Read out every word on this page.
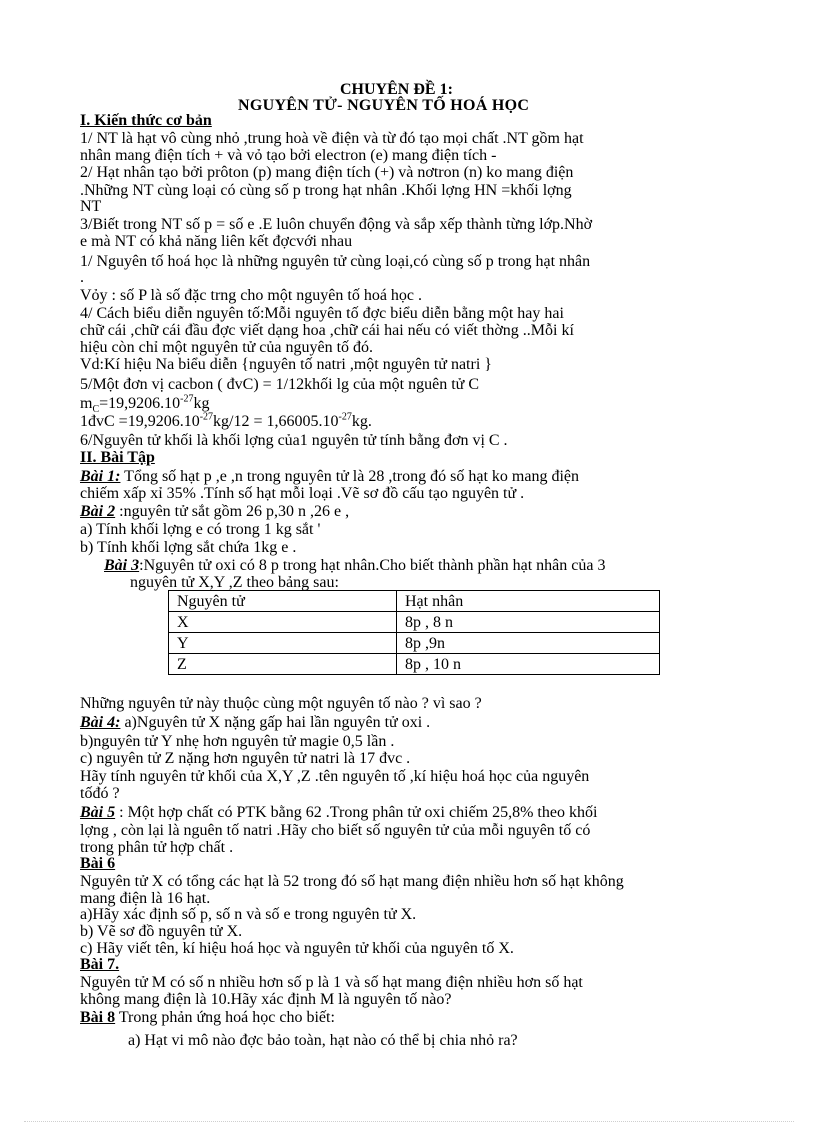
CHUYÊN ĐỀ 1:
NGUYÊN TỬ- NGUYÊN TỐ HOÁ HỌC
I. Kiến thức cơ bản
1/ NT là hạt vô cùng nhỏ ,trung hoà về điện và từ đó tạo mọi chất .NT gồm hạt
nhân mang điện tích + và vỏ tạo bởi electron (e) mang điện tích -
2/ Hạt nhân tạo bởi prôton (p) mang điện tích (+) và nơtron (n) ko mang điện
.Những NT cùng loại có cùng số p trong hạt nhân .Khối lợng HN =khối lợng
NT
3/Biết trong NT số p = số e .E luôn chuyển động và sắp xếp thành từng lớp.Nhờ
e mà NT có khả năng liên kết đợcvới nhau
1/ Nguyên tố hoá học là những nguyên tử cùng loại,có cùng số p trong hạt nhân
.
Vỏy : số P là số đặc trng cho một nguyên tố hoá học .
4/ Cách biểu diễn nguyên tố:Mỗi nguyên tố đợc biểu diễn bằng một hay hai
chữ cái ,chữ cái đầu đợc viết dạng hoa ,chữ cái hai nếu có viết thờng ..Mỗi kí
hiệu còn chỉ một nguyên tử của nguyên tố đó.
Vd:Kí hiệu Na biểu diễn {nguyên tố natri ,một nguyên tử natri }
5/Một đơn vị cacbon ( đvC) = 1/12khối lg của một nguên tử C
$m_C=19,9206.10^{-27}kg$
1đvC $=19,9206.10^{-27}kg/12 = 1,66005.10^{-27}kg$.
6/Nguyên tử khối là khối lợng của1 nguyên tử tính bằng đơn vị C .
II. Bài Tập
Bài 1: Tổng số hạt p ,e ,n trong nguyên tử là 28 ,trong đó số hạt ko mang điện
chiếm xấp xỉ 35% .Tính số hạt mỗi loại .Vẽ sơ đồ cấu tạo nguyên tử .
Bài 2 :nguyên tử sắt gồm 26 p,30 n ,26 e ,
a) Tính khối lợng e có trong 1 kg sắt '
b) Tính khối lợng sắt chứa 1kg e .
Bài 3:Nguyên tử oxi có 8 p trong hạt nhân.Cho biết thành phần hạt nhân của 3
nguyên tử X,Y ,Z theo bảng sau:
Nguyên tử	Hạt nhân
X	8p , 8 n
Y	8p ,9n
Z	8p , 10 n
Những nguyên tử này thuộc cùng một nguyên tố nào ? vì sao ?
Bài 4: a)Nguyên tử X nặng gấp hai lần nguyên tử oxi .
b)nguyên tử Y nhẹ hơn nguyên tử magie 0,5 lần .
c) nguyên tử Z nặng hơn nguyên tử natri là 17 đvc .
Hãy tính nguyên tử khối của X,Y ,Z .tên nguyên tố ,kí hiệu hoá học của nguyên
tốđó ?
Bài 5 : Một hợp chất có PTK bằng 62 .Trong phân tử oxi chiếm 25,8% theo khối
lợng , còn lại là nguên tố natri .Hãy cho biết số nguyên tử của mỗi nguyên tố có
trong phân tử hợp chất .
Bài 6
Nguyên tử X có tổng các hạt là 52 trong đó số hạt mang điện nhiều hơn số hạt không
mang điện là 16 hạt.
a)Hãy xác định số p, số n và số e trong nguyên tử X.
b) Vẽ sơ đồ nguyên tử X.
c) Hãy viết tên, kí hiệu hoá học và nguyên tử khối của nguyên tố X.
Bài 7.
Nguyên tử M có số n nhiều hơn số p là 1 và số hạt mang điện nhiều hơn số hạt
không mang điện là 10.Hãy xác định M là nguyên tố nào?
Bài 8 Trong phản ứng hoá học cho biết:
a) Hạt vi mô nào đợc bảo toàn, hạt nào có thể bị chia nhỏ ra?
